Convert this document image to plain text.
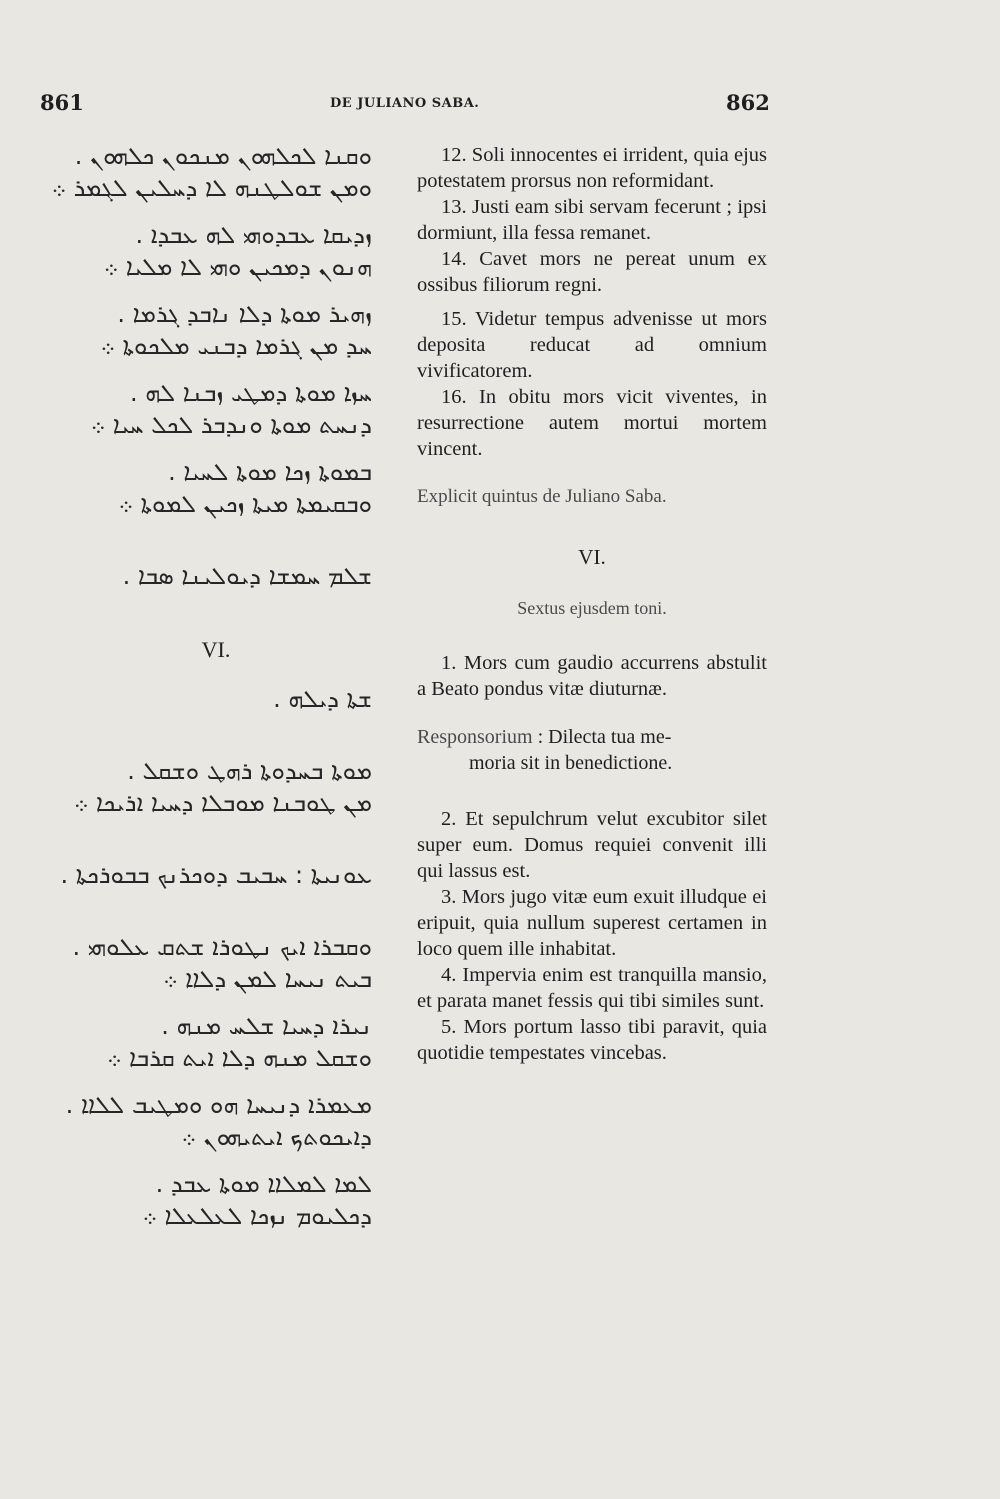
861	DE JULIANO SABA.	862
ܘܩܢܐ ܠܟܠܗܘܢ ܡܢܟܘܢ ܟܠܗܘܢ .
ܘܡܢ ܫܘܠܛܢܗ ܠܐ ܕܚܠܝܢ ܠܓܡܪ ܀
ܙܕܝܩܐ ܥܒܕܘܗܝ ܠܗ ܥܒܕܐ .
ܗܢܘܢ ܕܡܟܝܢ ܘܗܝ ܠܐ ܡܠܝܐ ܀
ܙܗܝܪ ܡܘܬܐ ܕܠܐ ܢܐܒܕ ܓܪܡܐ .
ܚܕ ܡܢ ܓܪܡܐ ܕܒܢܝ ܡܠܟܘܬܐ ܀
ܚܙܐ ܡܘܬܐ ܕܡܛܝ ܙܒܢܐ ܠܗ .
ܕܢܚܬ ܡܘܬܐ ܘܢܕܒܪ ܠܟܠ ܚܝܐ ܀
ܒܡܘܬܐ ܙܟܐ ܡܘܬܐ ܠܚܝܐ .
ܘܒܩܝܡܬܐ ܡܝܬܐ ܙܟܝܢ ܠܡܘܬܐ ܀
ܫܠܡ ܚܡܫܐ ܕܝܘܠܝܢܐ ܣܒܐ .
VI.
ܫܬܐ ܕܝܠܗ .
ܡܘܬܐ ܒܚܕܘܬܐ ܪܗܛ ܘܫܩܠ .
ܡܢ ܛܘܒܢܐ ܡܘܒܠܐ ܕܚܝܐ ܐܪܝܟܐ ܀
ܥܘܢܝܬܐ : ܚܒܝܒ ܕܘܟܪܢܟ ܒܒܘܪܟܬܐ .
ܘܩܒܪܐ ܐܝܟ ܢܛܘܪܐ ܫܬܩ ܥܠܘܗܝ .
ܒܝܬ ܢܝܚܐ ܠܡܢ ܕܠܐܐ ܀
ܢܝܪܐ ܕܚܝܐ ܫܠܚ ܡܢܗ .
ܘܫܩܠ ܡܢܗ ܕܠܐ ܐܝܬ ܩܪܒܐ ܀
ܡܥܡܪܐ ܕܢܝܚܐ ܗܘ ܘܡܛܝܒ ܠܠܐܐ .
ܕܐܝܟܘܬܟ ܐܝܬܝܗܘܢ ܀
ܠܡܐ ܠܡܠܐܐ ܡܘܬܐ ܥܒܕ .
ܕܟܠܝܘܡ ܢܙܟܐ ܠܥܠܥܠܐ ܀

12. Soli innocentes ei irrident, quia ejus potestatem prorsus non reformidant.

13. Justi eam sibi servam fecerunt ; ipsi dormiunt, illa fessa remanet.

14. Cavet mors ne pereat unum ex ossibus filiorum regni.

15. Videtur tempus advenisse ut mors deposita reducat ad omnium vivificatorem.

16. In obitu mors vicit viventes, in resurrectione autem mortui mortem vincent.

Explicit quintus de Juliano Saba.

VI.

Sextus ejusdem toni.

1. Mors cum gaudio accurrens abstulit a Beato pondus vitæ diuturnæ.

Responsorium : Dilecta tua me-
moria sit in benedictione.

2. Et sepulchrum velut excubitor silet super eum. Domus requiei convenit illi qui lassus est.

3. Mors jugo vitæ eum exuit illudque ei eripuit, quia nullum superest certamen in loco quem ille inhabitat.

4. Impervia enim est tranquilla mansio, et parata manet fessis qui tibi similes sunt.

5. Mors portum lasso tibi paravit, quia quotidie tempestates vincebas.
